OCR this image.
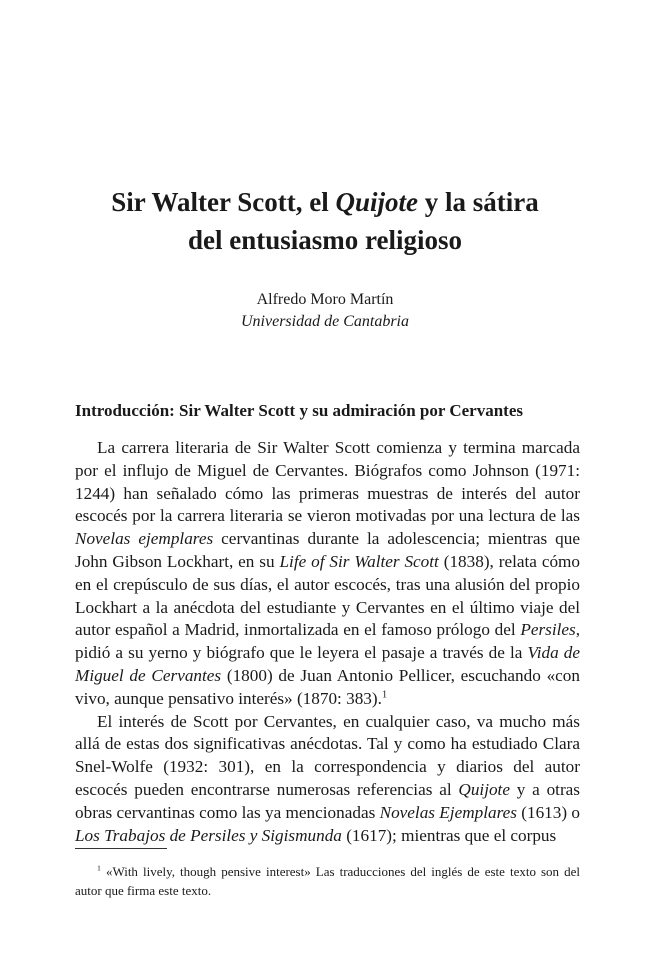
Sir Walter Scott, el Quijote y la sátira
del entusiasmo religioso
Alfredo Moro Martín
Universidad de Cantabria
Introducción: Sir Walter Scott y su admiración por Cervantes

La carrera literaria de Sir Walter Scott comienza y termina marcada por el influjo de Miguel de Cervantes. Biógrafos como Johnson (1971: 1244) han señalado cómo las primeras muestras de interés del autor escocés por la carrera literaria se vieron motivadas por una lectura de las Novelas ejemplares cervantinas durante la adolescencia; mientras que John Gibson Lockhart, en su Life of Sir Walter Scott (1838), relata cómo en el crepúsculo de sus días, el autor escocés, tras una alusión del propio Lockhart a la anécdota del estudiante y Cervantes en el último viaje del autor español a Madrid, inmortalizada en el famoso prólogo del Persiles, pidió a su yerno y biógrafo que le leyera el pasaje a través de la Vida de Miguel de Cervantes (1800) de Juan Antonio Pellicer, escuchando «con vivo, aunque pensativo interés» (1870: 383).$^1$

El interés de Scott por Cervantes, en cualquier caso, va mucho más allá de estas dos significativas anécdotas. Tal y como ha estudiado Clara Snel-Wolfe (1932: 301), en la correspondencia y diarios del autor escocés pueden encontrarse numerosas referencias al Quijote y a otras obras cervantinas como las ya mencionadas Novelas Ejemplares (1613) o Los Trabajos de Persiles y Sigismunda (1617); mientras que el corpus

$^1$ «With lively, though pensive interest» Las traducciones del inglés de este texto son del autor que firma este texto.
